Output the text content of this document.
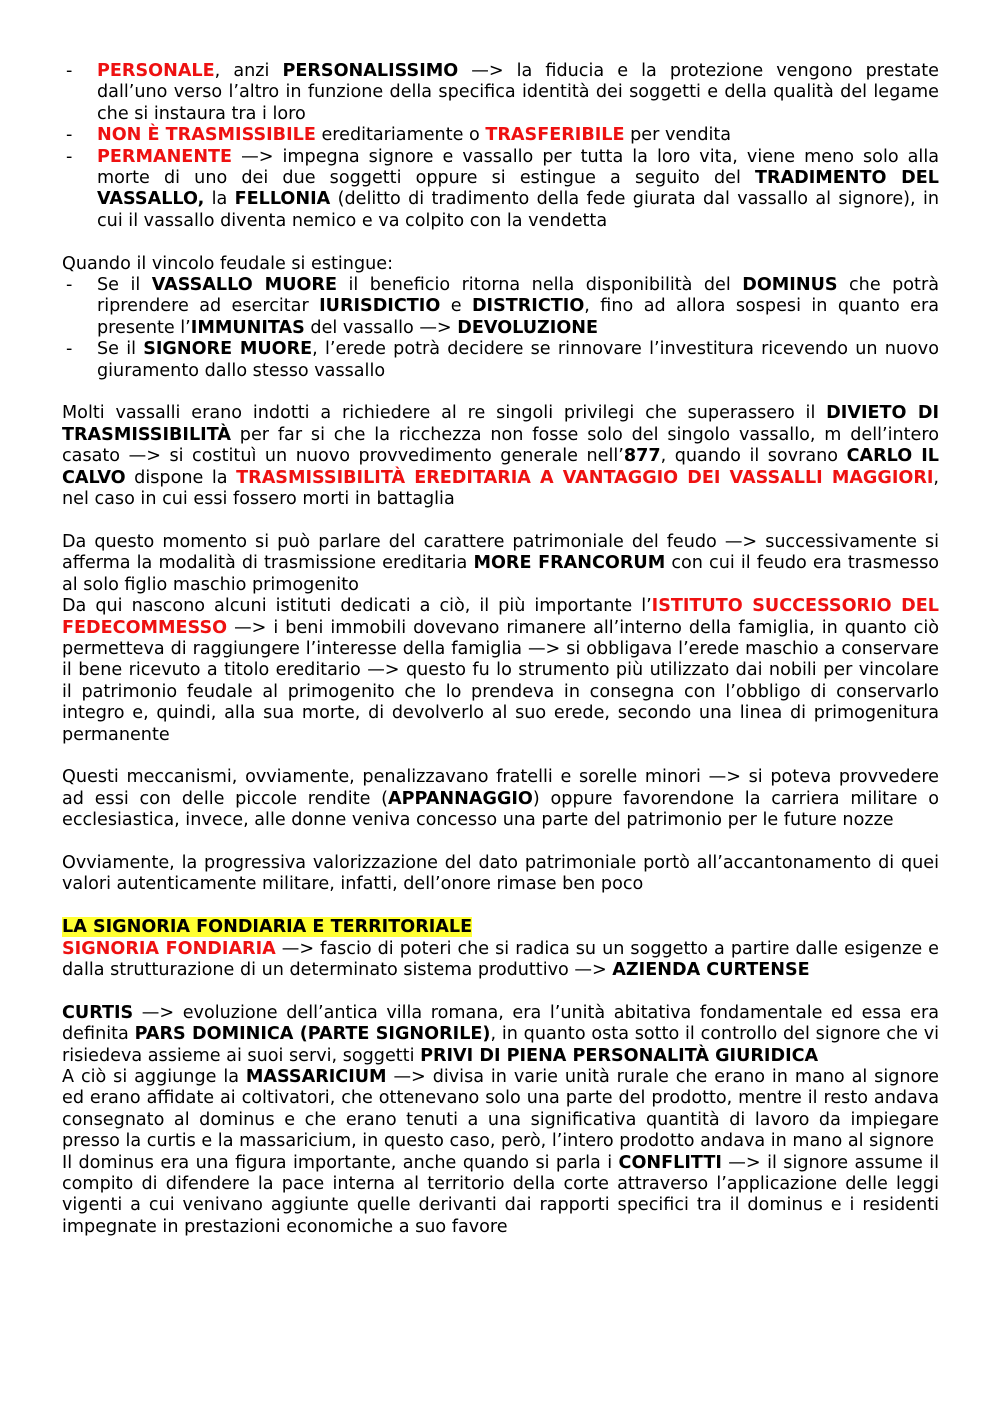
- PERSONALE, anzi PERSONALISSIMO —> la fiducia e la protezione vengono prestate dall’uno verso l’altro in funzione della specifica identità dei soggetti e della qualità del legame che si instaura tra i loro
- NON È TRASMISSIBILE ereditariamente o TRASFERIBILE per vendita
- PERMANENTE —> impegna signore e vassallo per tutta la loro vita, viene meno solo alla morte di uno dei due soggetti oppure si estingue a seguito del TRADIMENTO DEL VASSALLO, la FELLONIA (delitto di tradimento della fede giurata dal vassallo al signore), in cui il vassallo diventa nemico e va colpito con la vendetta

Quando il vincolo feudale si estingue:

- Se il VASSALLO MUORE il beneficio ritorna nella disponibilità del DOMINUS che potrà riprendere ad esercitar IURISDICTIO e DISTRICTIO, fino ad allora sospesi in quanto era presente l’IMMUNITAS del vassallo —> DEVOLUZIONE
- Se il SIGNORE MUORE, l’erede potrà decidere se rinnovare l’investitura ricevendo un nuovo giuramento dallo stesso vassallo

Molti vassalli erano indotti a richiedere al re singoli privilegi che superassero il DIVIETO DI TRASMISSIBILITÀ per far si che la ricchezza non fosse solo del singolo vassallo, m dell’intero casato —> si costituì un nuovo provvedimento generale nell’877, quando il sovrano CARLO IL CALVO dispone la TRASMISSIBILITÀ EREDITARIA A VANTAGGIO DEI VASSALLI MAGGIORI, nel caso in cui essi fossero morti in battaglia

Da questo momento si può parlare del carattere patrimoniale del feudo —> successivamente si afferma la modalità di trasmissione ereditaria MORE FRANCORUM con cui il feudo era trasmesso al solo figlio maschio primogenito

Da qui nascono alcuni istituti dedicati a ciò, il più importante l’ISTITUTO SUCCESSORIO DEL FEDECOMMESSO —> i beni immobili dovevano rimanere all’interno della famiglia, in quanto ciò permetteva di raggiungere l’interesse della famiglia —> si obbligava l’erede maschio a conservare il bene ricevuto a titolo ereditario —> questo fu lo strumento più utilizzato dai nobili per vincolare il patrimonio feudale al primogenito che lo prendeva in consegna con l’obbligo di conservarlo integro e, quindi, alla sua morte, di devolverlo al suo erede, secondo una linea di primogenitura permanente

Questi meccanismi, ovviamente, penalizzavano fratelli e sorelle minori —> si poteva provvedere ad essi con delle piccole rendite (APPANNAGGIO) oppure favorendone la carriera militare o ecclesiastica, invece, alle donne veniva concesso una parte del patrimonio per le future nozze

Ovviamente, la progressiva valorizzazione del dato patrimoniale portò all’accantonamento di quei valori autenticamente militare, infatti, dell’onore rimase ben poco

LA SIGNORIA FONDIARIA E TERRITORIALE

SIGNORIA FONDIARIA —> fascio di poteri che si radica su un soggetto a partire dalle esigenze e dalla strutturazione di un determinato sistema produttivo —> AZIENDA CURTENSE

CURTIS —> evoluzione dell’antica villa romana, era l’unità abitativa fondamentale ed essa era definita PARS DOMINICA (PARTE SIGNORILE), in quanto osta sotto il controllo del signore che vi risiedeva assieme ai suoi servi, soggetti PRIVI DI PIENA PERSONALITÀ GIURIDICA

A ciò si aggiunge la MASSARICIUM —> divisa in varie unità rurale che erano in mano al signore ed erano affidate ai coltivatori, che ottenevano solo una parte del prodotto, mentre il resto andava consegnato al dominus e che erano tenuti a una significativa quantità di lavoro da impiegare presso la curtis e la massaricium, in questo caso, però, l’intero prodotto andava in mano al signore

Il dominus era una figura importante, anche quando si parla i CONFLITTI —> il signore assume il compito di difendere la pace interna al territorio della corte attraverso l’applicazione delle leggi vigenti a cui venivano aggiunte quelle derivanti dai rapporti specifici tra il dominus e i residenti impegnate in prestazioni economiche a suo favore
